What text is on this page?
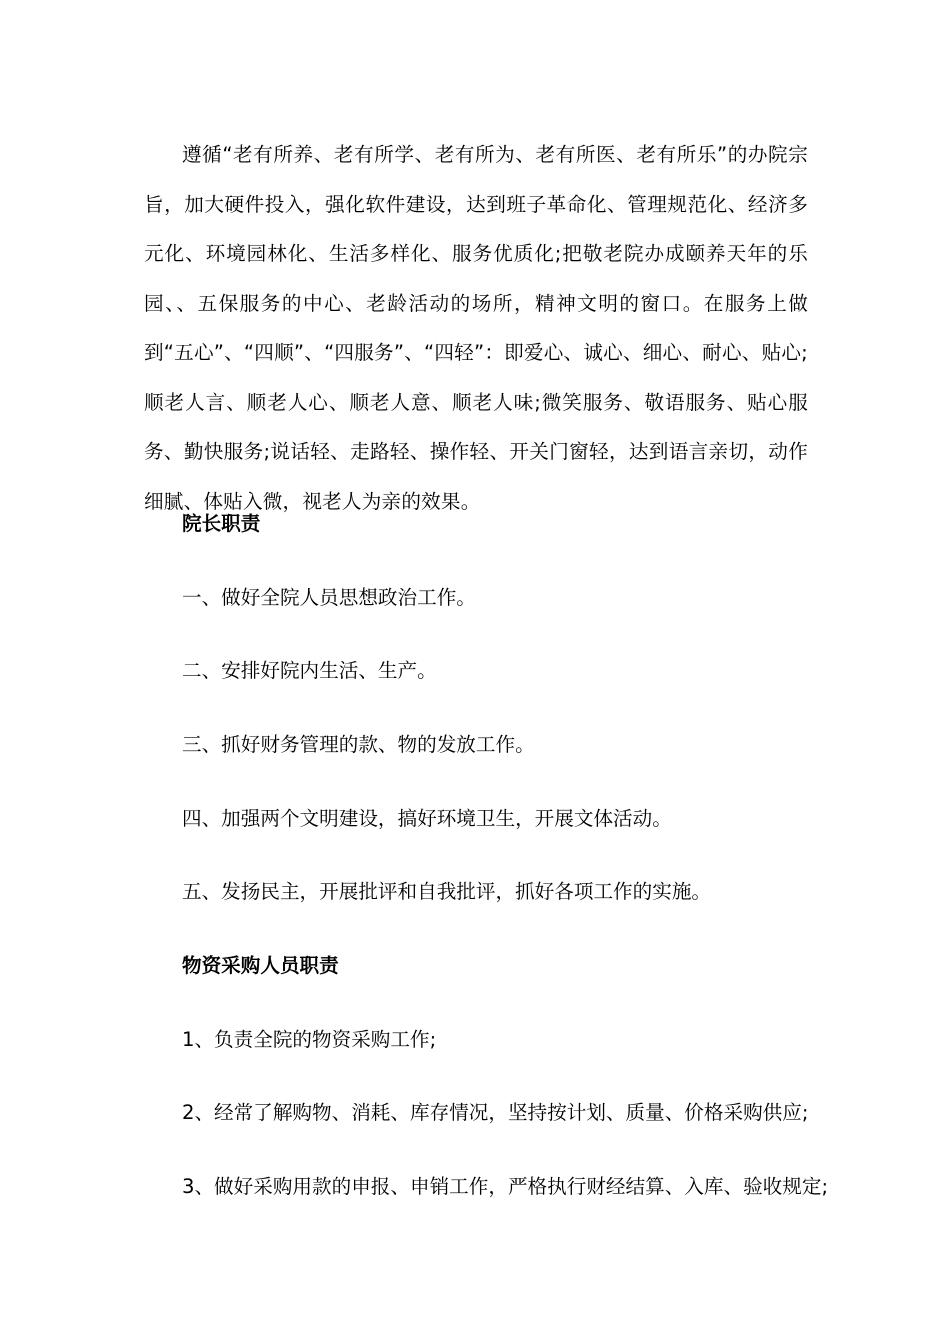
遵循“老有所养、老有所学、老有所为、老有所医、老有所乐”的办院宗旨，加大硬件投入，强化软件建设，达到班子革命化、管理规范化、经济多元化、环境园林化、生活多样化、服务优质化;把敬老院办成颐养天年的乐园、、五保服务的中心、老龄活动的场所，精神文明的窗口。在服务上做到“五心”、“四顺”、“四服务”、“四轻”：即爱心、诚心、细心、耐心、贴心;顺老人言、顺老人心、顺老人意、顺老人味;微笑服务、敬语服务、贴心服务、勤快服务;说话轻、走路轻、操作轻、开关门窗轻，达到语言亲切，动作细腻、体贴入微，视老人为亲的效果。

院长职责

一、做好全院人员思想政治工作。

二、安排好院内生活、生产。

三、抓好财务管理的款、物的发放工作。

四、加强两个文明建设，搞好环境卫生，开展文体活动。

五、发扬民主，开展批评和自我批评，抓好各项工作的实施。

物资采购人员职责

1、负责全院的物资采购工作;

2、经常了解购物、消耗、库存情况，坚持按计划、质量、价格采购供应;

3、做好采购用款的申报、申销工作，严格执行财经结算、入库、验收规定;
